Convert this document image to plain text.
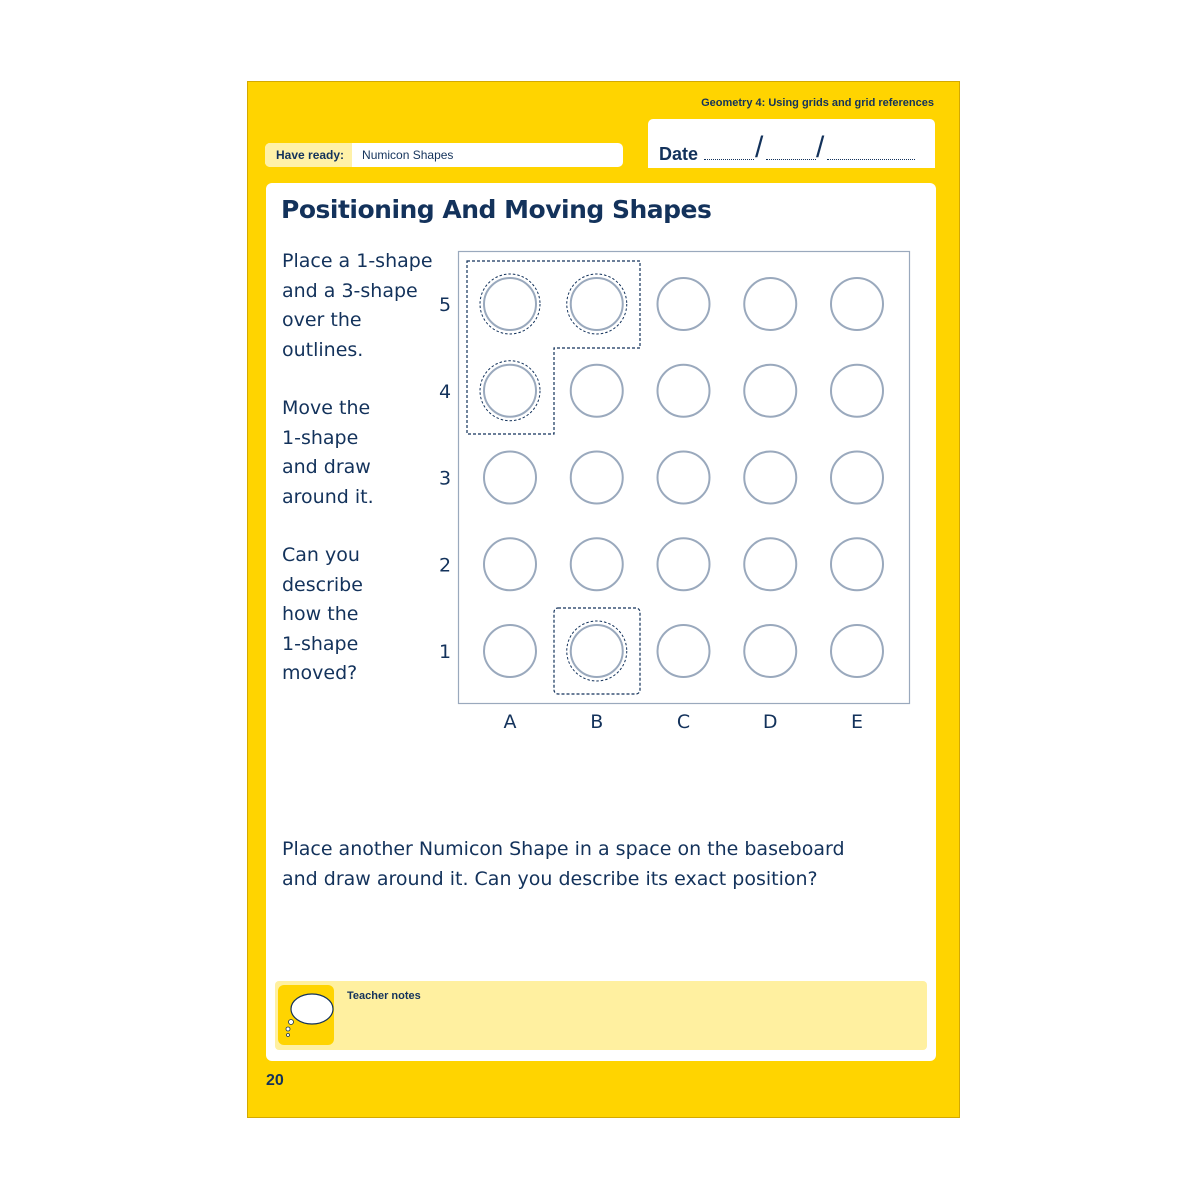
Geometry 4: Using grids and grid references
Have ready:	Numicon Shapes	Date / /
Positioning And Moving Shapes
Place a 1-shape
and a 3-shape
over the
outlines.
Move the
1-shape
and draw
around it.
Can you
describe
how the
1-shape
moved?
5
4
3
2
1
A	B	C	D	E
Place another Numicon Shape in a space on the baseboard
and draw around it. Can you describe its exact position?
Teacher notes
20
